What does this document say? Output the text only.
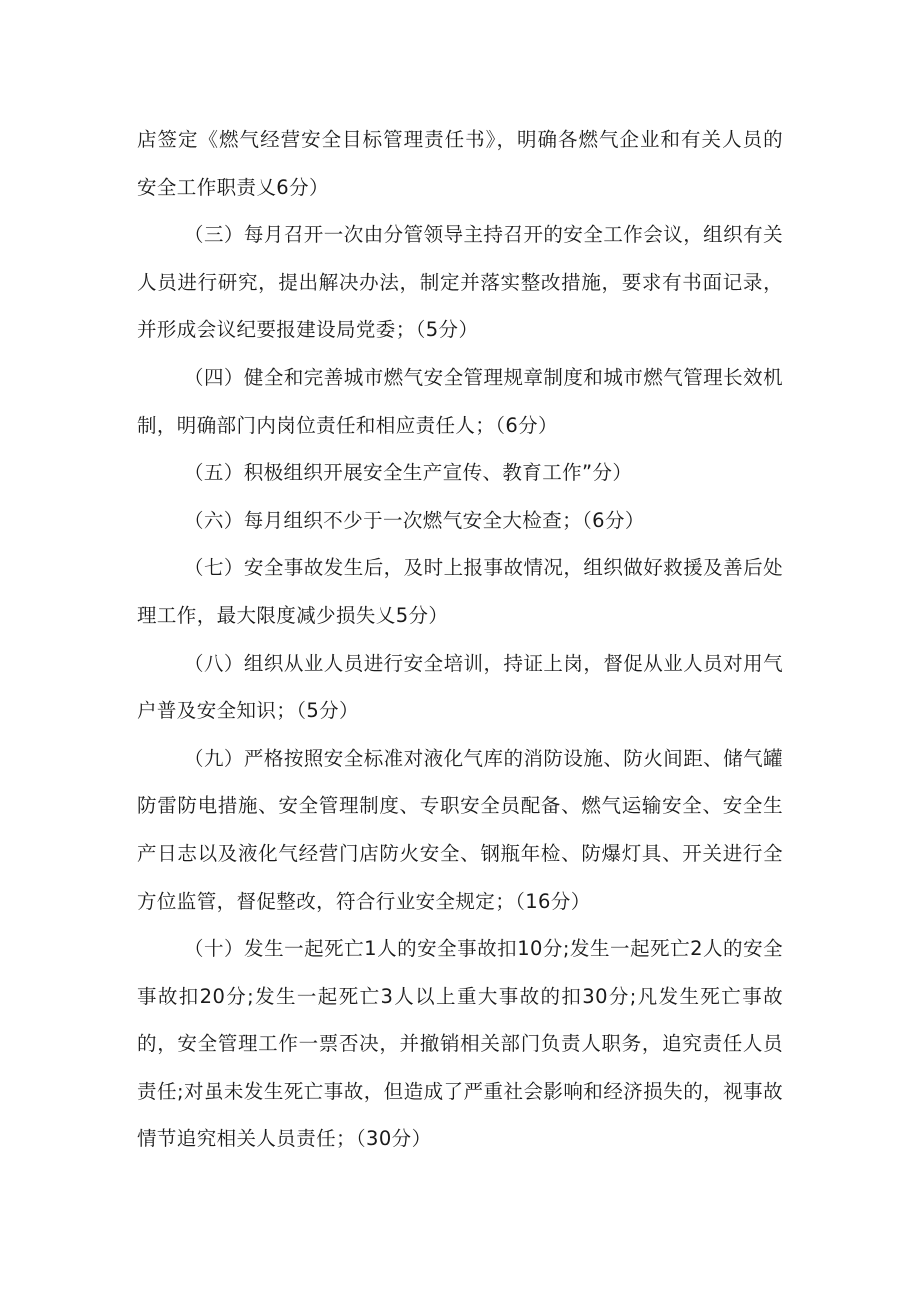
店签定《燃气经营安全目标管理责任书》，明确各燃气企业和有关人员的安全工作职责乂6分）

（三）每月召开一次由分管领导主持召开的安全工作会议，组织有关人员进行研究，提出解决办法，制定并落实整改措施，要求有书面记录，并形成会议纪要报建设局党委；（5分）

（四）健全和完善城市燃气安全管理规章制度和城市燃气管理长效机制，明确部门内岗位责任和相应责任人；（6分）

（五）积极组织开展安全生产宣传、教育工作”分）

（六）每月组织不少于一次燃气安全大检查；（6分）

（七）安全事故发生后，及时上报事故情况，组织做好救援及善后处理工作，最大限度减少损失乂5分）

（八）组织从业人员进行安全培训，持证上岗，督促从业人员对用气户普及安全知识；（5分）

（九）严格按照安全标准对液化气库的消防设施、防火间距、储气罐防雷防电措施、安全管理制度、专职安全员配备、燃气运输安全、安全生产日志以及液化气经营门店防火安全、钢瓶年检、防爆灯具、开关进行全方位监管，督促整改，符合行业安全规定；（16分）

（十）发生一起死亡1人的安全事故扣10分;发生一起死亡2人的安全事故扣20分;发生一起死亡3人以上重大事故的扣30分;凡发生死亡事故的，安全管理工作一票否决，并撤销相关部门负责人职务，追究责任人员责任;对虽未发生死亡事故，但造成了严重社会影响和经济损失的，视事故情节追究相关人员责任；（30分）
